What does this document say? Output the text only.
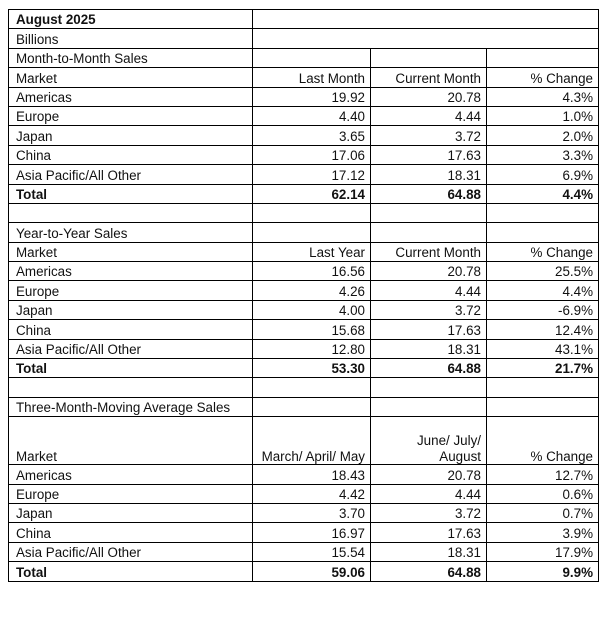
August 2025			
Billions			
Month-to-Month Sales			
Market	Last Month	Current Month	% Change
Americas	19.92	20.78	4.3%
Europe	4.40	4.44	1.0%
Japan	3.65	3.72	2.0%
China	17.06	17.63	3.3%
Asia Pacific/All Other	17.12	18.31	6.9%
Total	62.14	64.88	4.4%

Year-to-Year Sales			
Market	Last Year	Current Month	% Change
Americas	16.56	20.78	25.5%
Europe	4.26	4.44	4.4%
Japan	4.00	3.72	-6.9%
China	15.68	17.63	12.4%
Asia Pacific/All Other	12.80	18.31	43.1%
Total	53.30	64.88	21.7%

Three-Month-Moving Average Sales			
Market	March/ April/ May	June/ July/ August	% Change
Americas	18.43	20.78	12.7%
Europe	4.42	4.44	0.6%
Japan	3.70	3.72	0.7%
China	16.97	17.63	3.9%
Asia Pacific/All Other	15.54	18.31	17.9%
Total	59.06	64.88	9.9%
